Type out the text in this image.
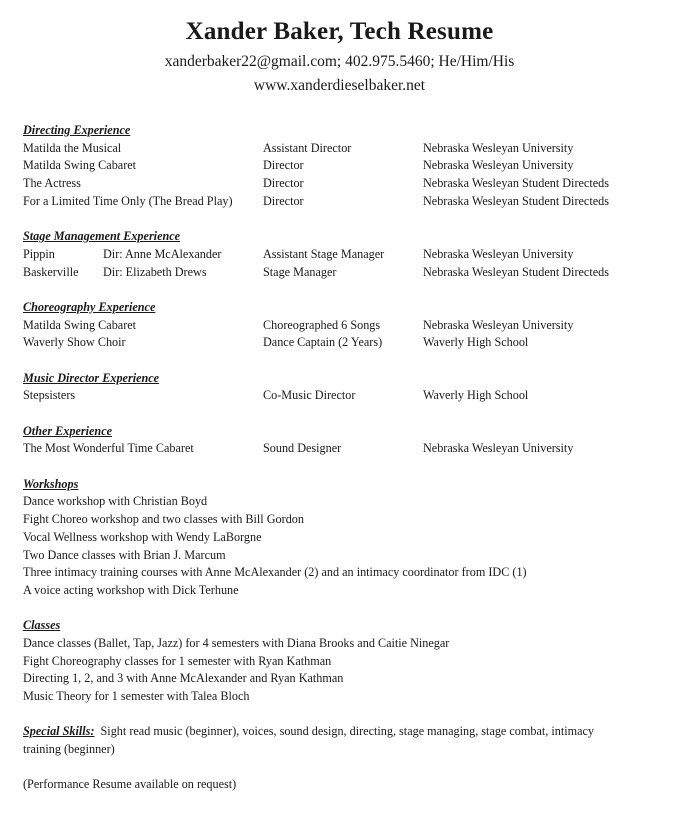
Xander Baker, Tech Resume
xanderbaker22@gmail.com; 402.975.5460; He/Him/His
www.xanderdieselbaker.net
Directing Experience
Matilda the Musical	Assistant Director	Nebraska Wesleyan University
Matilda Swing Cabaret	Director	Nebraska Wesleyan University
The Actress	Director	Nebraska Wesleyan Student Directeds
For a Limited Time Only (The Bread Play) Director	Nebraska Wesleyan Student Directeds
Stage Management Experience
Pippin	Dir: Anne McAlexander	Assistant Stage Manager	Nebraska Wesleyan University
Baskerville Dir: Elizabeth Drews	Stage Manager	Nebraska Wesleyan Student Directeds
Choreography Experience
Matilda Swing Cabaret	Choreographed 6 Songs	Nebraska Wesleyan University
Waverly Show Choir	Dance Captain (2 Years)	Waverly High School
Music Director Experience
Stepsisters	Co-Music Director	Waverly High School
Other Experience
The Most Wonderful Time Cabaret	Sound Designer	Nebraska Wesleyan University
Workshops
Dance workshop with Christian Boyd
Fight Choreo workshop and two classes with Bill Gordon
Vocal Wellness workshop with Wendy LaBorgne
Two Dance classes with Brian J. Marcum
Three intimacy training courses with Anne McAlexander (2) and an intimacy coordinator from IDC (1)
A voice acting workshop with Dick Terhune
Classes
Dance classes (Ballet, Tap, Jazz) for 4 semesters with Diana Brooks and Caitie Ninegar
Fight Choreography classes for 1 semester with Ryan Kathman
Directing 1, 2, and 3 with Anne McAlexander and Ryan Kathman
Music Theory for 1 semester with Talea Bloch
Special Skills: Sight read music (beginner), voices, sound design, directing, stage managing, stage combat, intimacy training (beginner)
(Performance Resume available on request)
